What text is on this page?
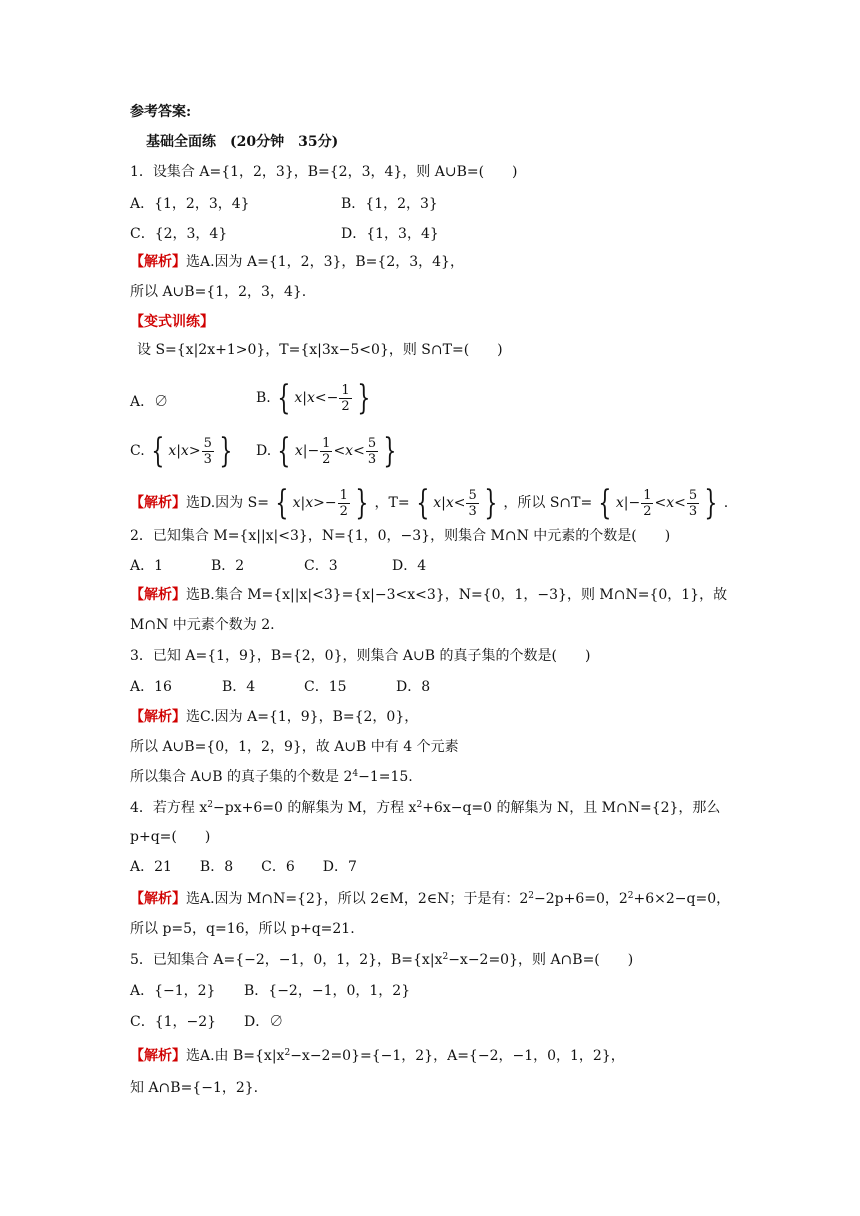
参考答案:
基础全面练　(20分钟　35分)
1．设集合 A={1，2，3}，B={2，3，4}，则 A∪B=(　　)
A．{1，2，3，4}	B．{1，2，3}
C．{2，3，4}	D．{1，3，4}
【解析】选A.因为 A={1，2，3}，B={2，3，4}，
所以 A∪B={1，2，3，4}.
【变式训练】
设 S={x|2x+1>0}，T={x|3x−5<0}，则 S∩T=(　　)
A．∅	B. { $x|x<- \frac{1}{2}$ }
C. { $x|x> \frac{5}{3}$ } D. { $x|- \frac{1}{2} <x< \frac{5}{3}$ }
【解析】 选D.因为 S= { $x|x>- \frac{1}{2}$ } ，T= { $x|x< \frac{5}{3}$ } ，所以 S∩T= { $x|- \frac{1}{2} <x< \frac{5}{3}$ } .
2．已知集合 M={x||x|<3}，N={1，0，−3}，则集合 M∩N 中元素的个数是(　　)
A．1	B．2	C．3	D．4
【解析】选B.集合 M={x||x|<3}={x|−3<x<3}，N={0，1，−3}，则 M∩N={0，1}，故
M∩N 中元素个数为 2.
3．已知 A={1，9}，B={2，0}，则集合 A∪B 的真子集的个数是(　　)
A．16	B．4	C．15	D．8
【解析】选C.因为 A={1，9}，B={2，0}，
所以 A∪B={0，1，2，9}，故 A∪B 中有 4 个元素
所以集合 A∪B 的真子集的个数是 $2^4-1=15$.
4．若方程 $x^2-px+6=0$ 的解集为 M，方程 $x^2+6x-q=0$ 的解集为 N，且 M∩N={2}，那么
p+q=(　　)
A．21　　B．8　　C．6　　D．7
【解析】选A.因为 M∩N={2}，所以 2∈M，2∈N；于是有：$2^2-2p+6=0$，$2^2+6\times 2-q=0$，
所以 p=5，q=16，所以 p+q=21.
5．已知集合 A={−2，−1，0，1，2}，$B=\{x|x^2-x-2=0\}$，则 A∩B=(　　)
A．{−1，2} B．{−2，−1，0，1，2}
C．{1，−2} D．∅
【解析】选A.由 $B=\{x|x^2-x-2=0\}=\{-1$，2}，A={−2，−1，0，1，2}，
知 A∩B={−1，2}.
